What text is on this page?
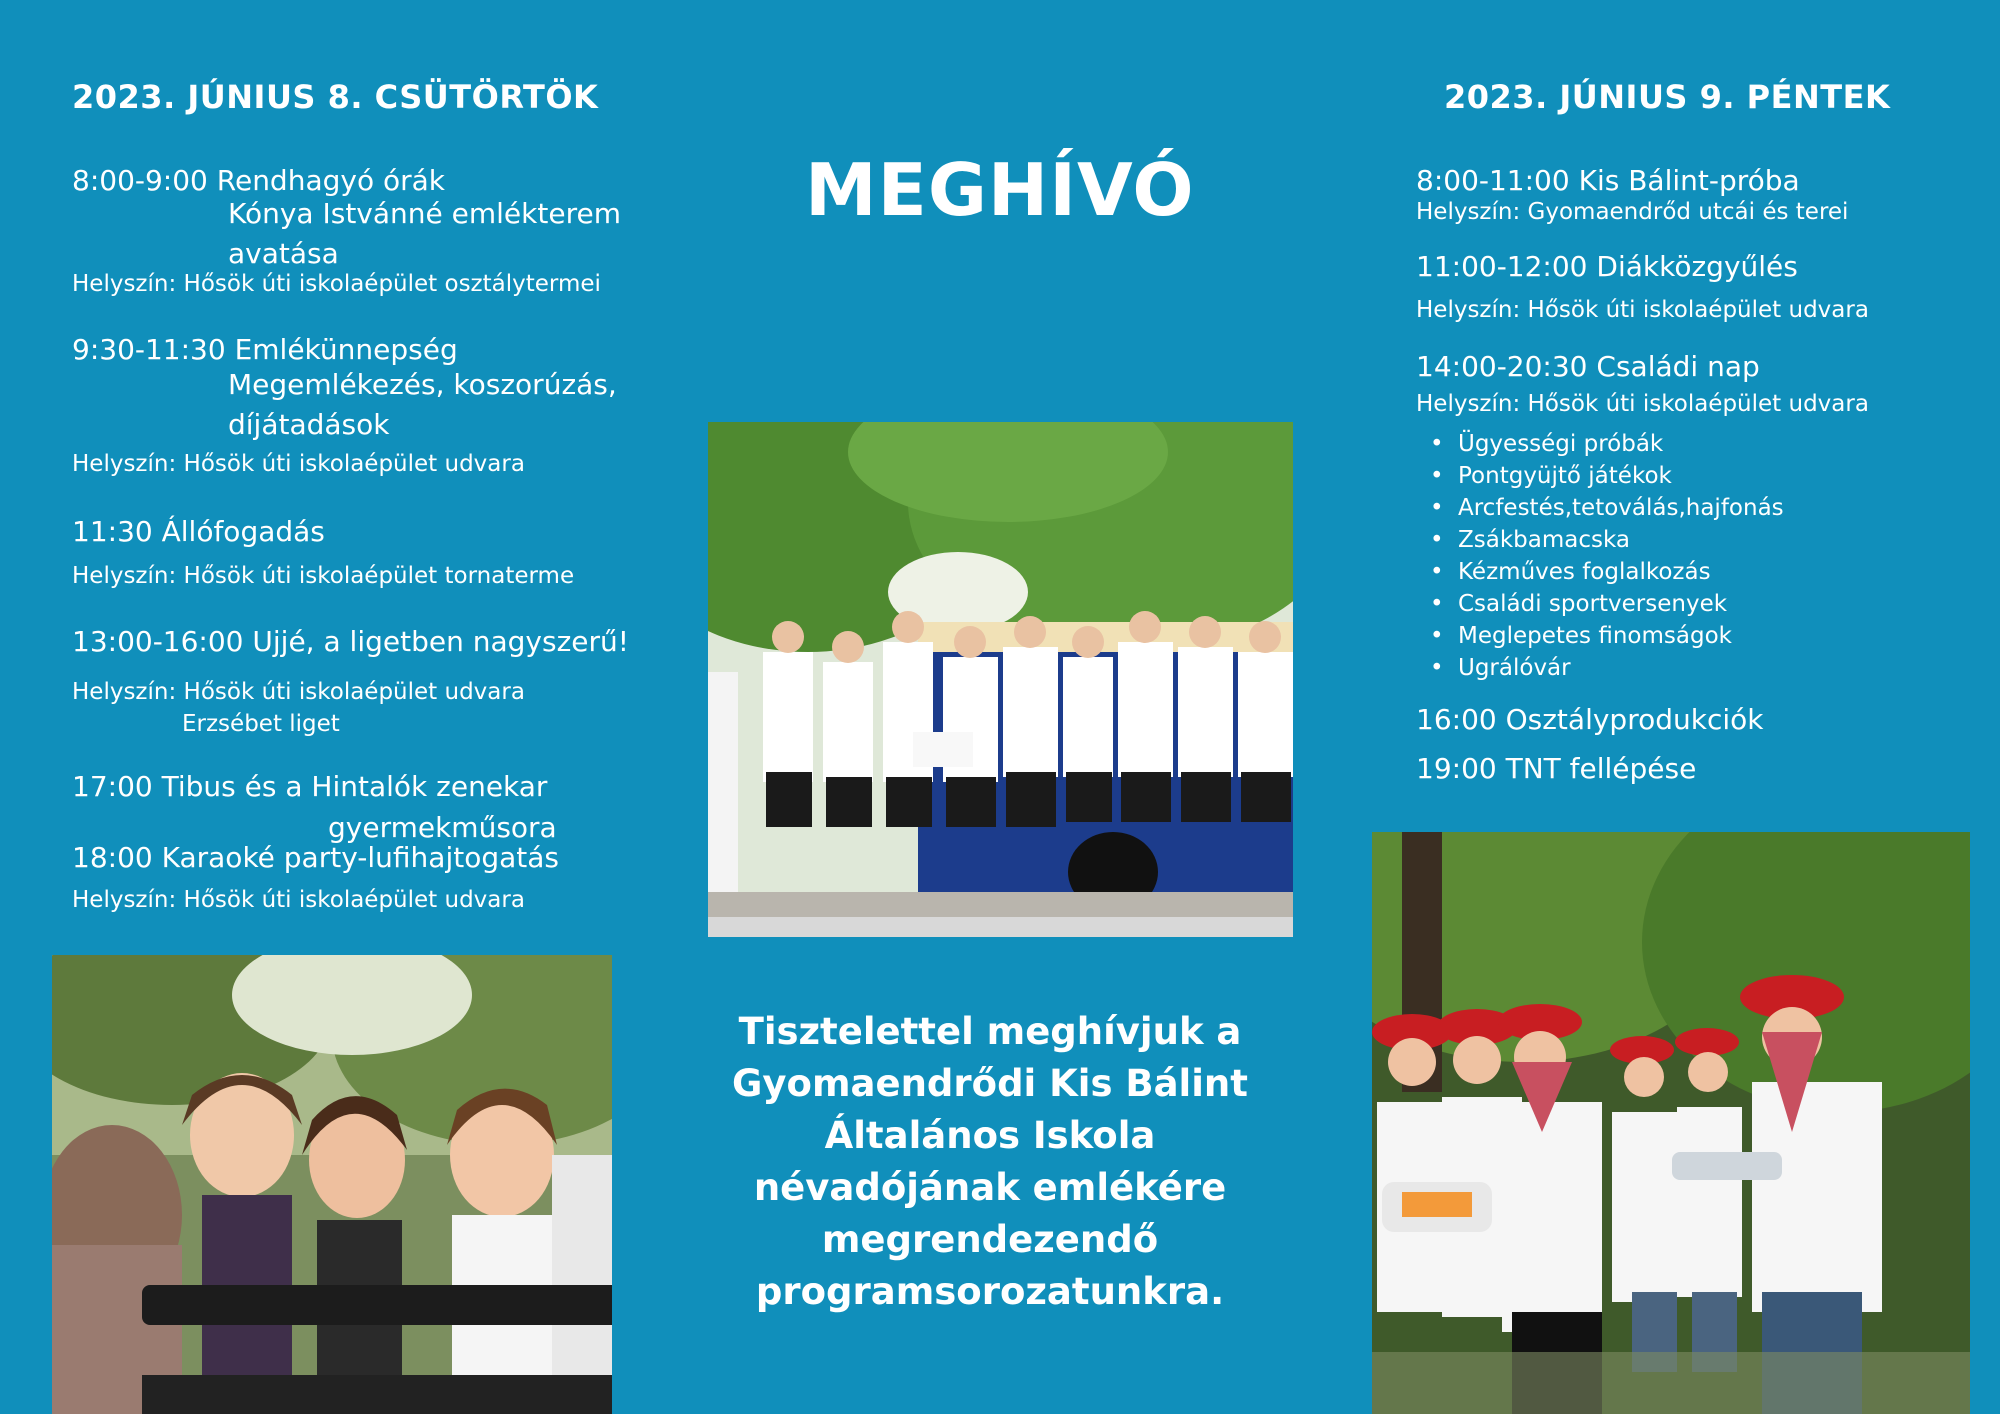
2023. JÚNIUS 8. CSÜTÖRTÖK
8:00-9:00 Rendhagyó órák
Kónya Istvánné emlékterem
avatása
Helyszín: Hősök úti iskolaépület osztálytermei
9:30-11:30 Emlékünnepség
Megemlékezés, koszorúzás,
díjátadások
Helyszín: Hősök úti iskolaépület udvara
11:30 Állófogadás
Helyszín: Hősök úti iskolaépület tornaterme
13:00-16:00 Ujjé, a ligetben nagyszerű!
Helyszín: Hősök úti iskolaépület udvara
Erzsébet liget
17:00 Tibus és a Hintalók zenekar
gyermekműsora
18:00 Karaoké party-lufihajtogatás
Helyszín: Hősök úti iskolaépület udvara
MEGHÍVÓ
Tisztelettel meghívjuk a
Gyomaendrődi Kis Bálint
Általános Iskola
névadójának emlékére
megrendezendő
programsorozatunkra.
2023. JÚNIUS 9. PÉNTEK
8:00-11:00 Kis Bálint-próba
Helyszín: Gyomaendrőd utcái és terei
11:00-12:00 Diákközgyűlés
Helyszín: Hősök úti iskolaépület udvara
14:00-20:30 Családi nap
Helyszín: Hősök úti iskolaépület udvara
• Ügyességi próbák
• Pontgyüjtő játékok
• Arcfestés,tetoválás,hajfonás
• Zsákbamacska
• Kézműves foglalkozás
• Családi sportversenyek
• Meglepetes finomságok
• Ugrálóvár
16:00 Osztályprodukciók
19:00 TNT fellépése
